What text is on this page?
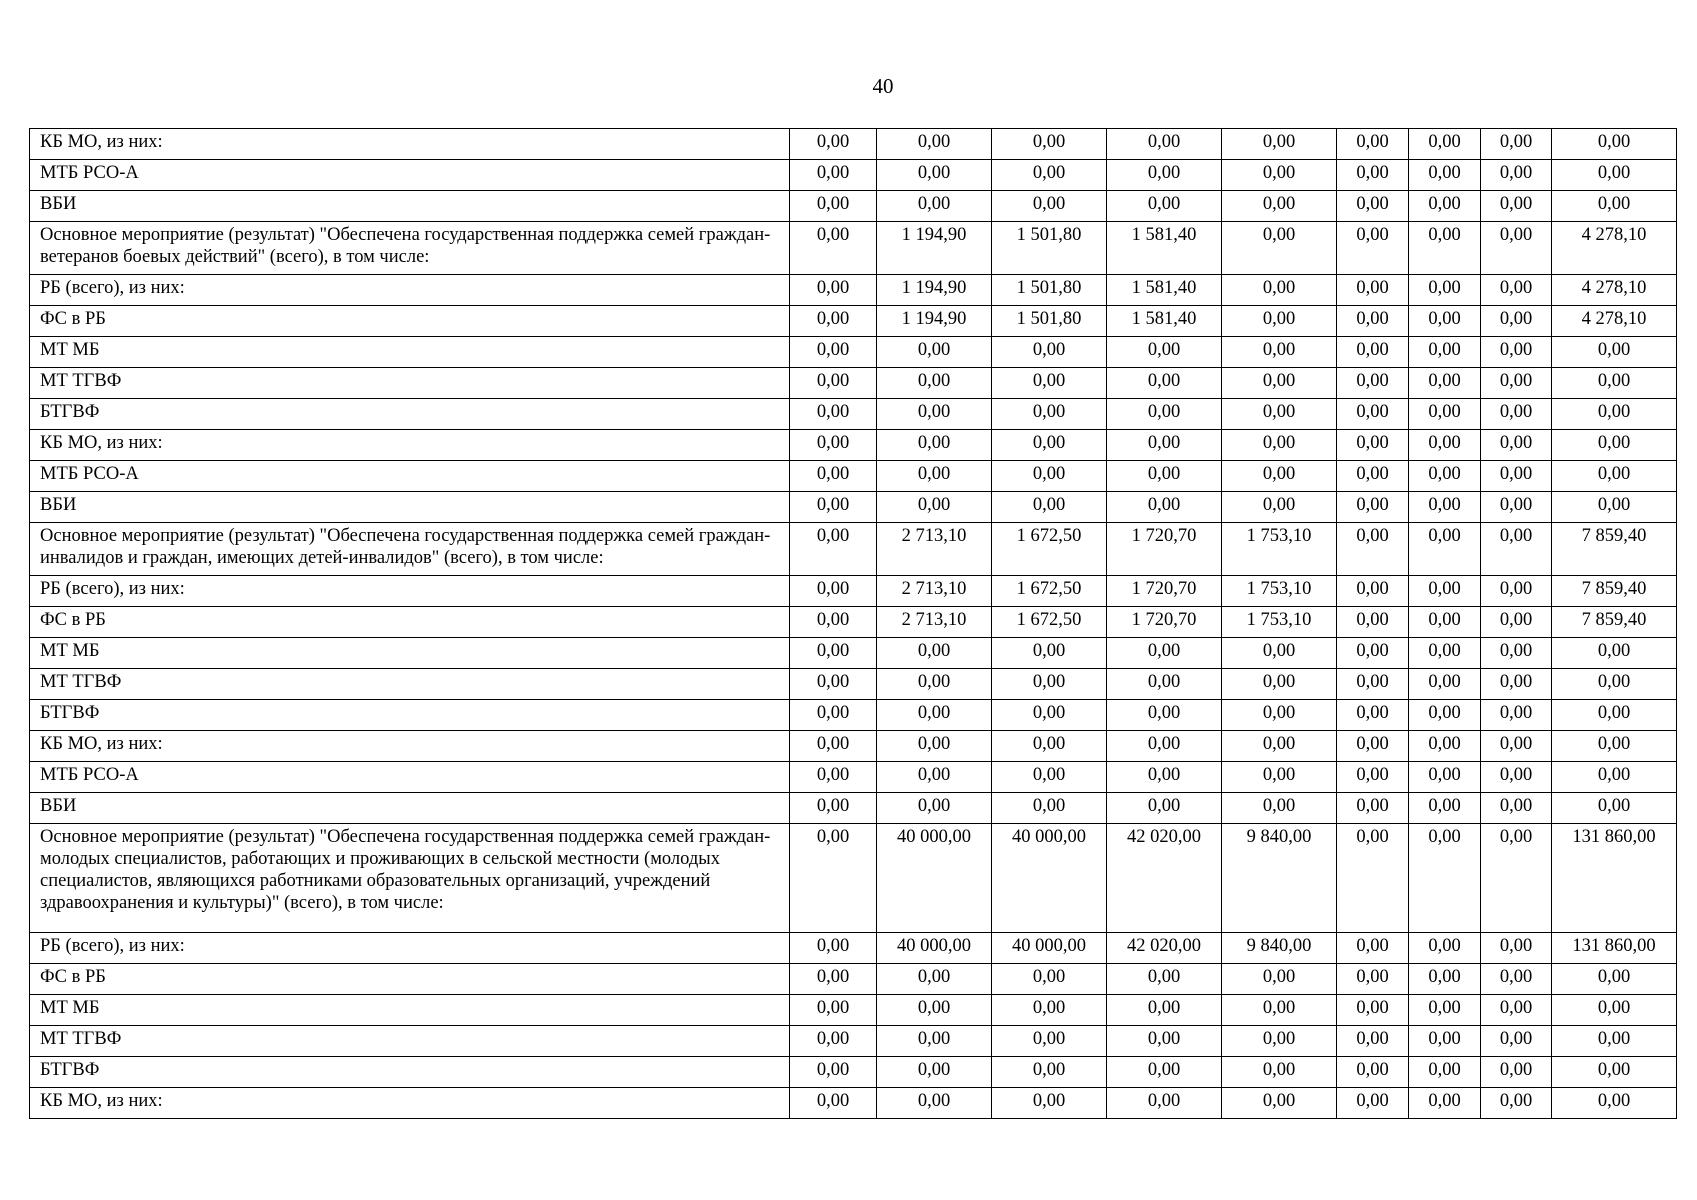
40
КБ МО, из них:	0,00	0,00	0,00	0,00	0,00	0,00	0,00	0,00	0,00
МТБ РСО-А	0,00	0,00	0,00	0,00	0,00	0,00	0,00	0,00	0,00
ВБИ	0,00	0,00	0,00	0,00	0,00	0,00	0,00	0,00	0,00
Основное мероприятие (результат) "Обеспечена государственная поддержка семей граждан-ветеранов боевых действий" (всего), в том числе:	0,00	1 194,90	1 501,80	1 581,40	0,00	0,00	0,00	0,00	4 278,10
РБ (всего), из них:	0,00	1 194,90	1 501,80	1 581,40	0,00	0,00	0,00	0,00	4 278,10
ФС в РБ	0,00	1 194,90	1 501,80	1 581,40	0,00	0,00	0,00	0,00	4 278,10
МТ МБ	0,00	0,00	0,00	0,00	0,00	0,00	0,00	0,00	0,00
МТ ТГВФ	0,00	0,00	0,00	0,00	0,00	0,00	0,00	0,00	0,00
БТГВФ	0,00	0,00	0,00	0,00	0,00	0,00	0,00	0,00	0,00
КБ МО, из них:	0,00	0,00	0,00	0,00	0,00	0,00	0,00	0,00	0,00
МТБ РСО-А	0,00	0,00	0,00	0,00	0,00	0,00	0,00	0,00	0,00
ВБИ	0,00	0,00	0,00	0,00	0,00	0,00	0,00	0,00	0,00
Основное мероприятие (результат) "Обеспечена государственная поддержка семей граждан-инвалидов и граждан, имеющих детей-инвалидов" (всего), в том числе:	0,00	2 713,10	1 672,50	1 720,70	1 753,10	0,00	0,00	0,00	7 859,40
РБ (всего), из них:	0,00	2 713,10	1 672,50	1 720,70	1 753,10	0,00	0,00	0,00	7 859,40
ФС в РБ	0,00	2 713,10	1 672,50	1 720,70	1 753,10	0,00	0,00	0,00	7 859,40
МТ МБ	0,00	0,00	0,00	0,00	0,00	0,00	0,00	0,00	0,00
МТ ТГВФ	0,00	0,00	0,00	0,00	0,00	0,00	0,00	0,00	0,00
БТГВФ	0,00	0,00	0,00	0,00	0,00	0,00	0,00	0,00	0,00
КБ МО, из них:	0,00	0,00	0,00	0,00	0,00	0,00	0,00	0,00	0,00
МТБ РСО-А	0,00	0,00	0,00	0,00	0,00	0,00	0,00	0,00	0,00
ВБИ	0,00	0,00	0,00	0,00	0,00	0,00	0,00	0,00	0,00
Основное мероприятие (результат) "Обеспечена государственная поддержка семей граждан-молодых специалистов, работающих и проживающих в сельской местности (молодых специалистов, являющихся работниками образовательных организаций, учреждений здравоохранения и культуры)" (всего), в том числе:	0,00	40 000,00	40 000,00	42 020,00	9 840,00	0,00	0,00	0,00	131 860,00
РБ (всего), из них:	0,00	40 000,00	40 000,00	42 020,00	9 840,00	0,00	0,00	0,00	131 860,00
ФС в РБ	0,00	0,00	0,00	0,00	0,00	0,00	0,00	0,00	0,00
МТ МБ	0,00	0,00	0,00	0,00	0,00	0,00	0,00	0,00	0,00
МТ ТГВФ	0,00	0,00	0,00	0,00	0,00	0,00	0,00	0,00	0,00
БТГВФ	0,00	0,00	0,00	0,00	0,00	0,00	0,00	0,00	0,00
КБ МО, из них:	0,00	0,00	0,00	0,00	0,00	0,00	0,00	0,00	0,00
